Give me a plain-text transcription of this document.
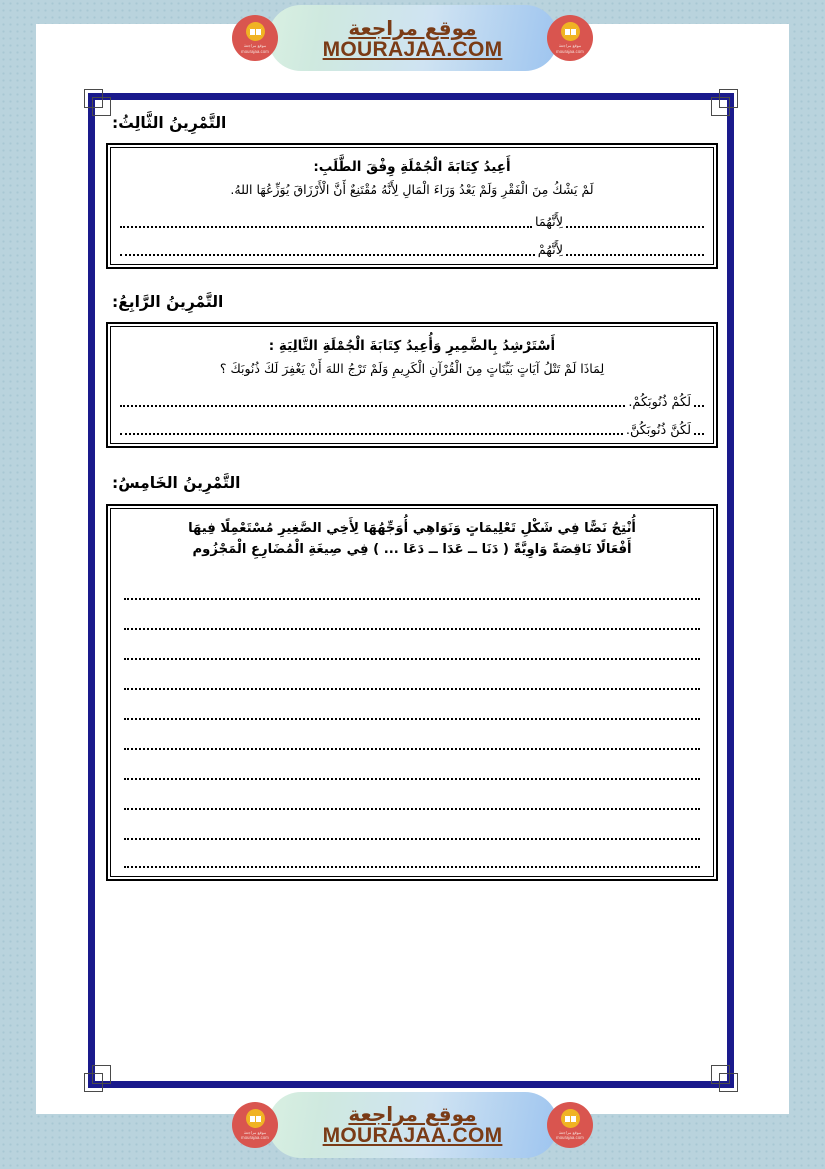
موقع مراجعة
mourajaa.com
موقع مراجعة
MOURAJAA.COM	موقع مراجعة
mourajaa.com
التَّمْرِينُ الثَّالِثُ:

أَعِيدُ كِتَابَةَ الْجُمْلَةِ وِفْقَ الطَّلَبِ:

لَمْ يَشْكُ مِنَ الْفَقْرِ وَلَمْ يَعْدُ وَرَاءَ الْمَالِ لِأَنَّهُ مُقْتَنِعٌ أَنَّ الْأَرْزَاقَ يُوَزِّعُهَا اللهُ.

لِأَنَّهُمَا
لِأَنَّهُمْ
التَّمْرِينُ الرَّابِعُ:

أَسْتَرْشِدُ بِالضَّمِيرِ وَأُعِيدُ كِتَابَةَ الْجُمْلَةِ التَّالِيَةِ :

لِمَاذَا لَمْ تَتْلُ آيَاتٍ بَيِّنَاتٍ مِنَ الْقُرْآنِ الْكَرِيمِ وَلَمْ تَرْجُ اللهَ أَنْ يَغْفِرَ لَكَ ذُنُوبَكَ ؟

لَكُمْ ذُنُوبَكُمْ.
لَكُنَّ ذُنُوبَكُنَّ.
التَّمْرِينُ الخَامِسُ:
أُنْتِجُ نَصًّا فِي شَكْلِ تَعْلِيمَاتٍ وَنَوَاهِي أُوَجِّهُهَا لِأَخِي الصَّغِيرِ مُسْتَعْمِلًا فِيهَا
أَفْعَالًا نَاقِصَةً وَاوِيَّةً ( دَنَا ــ عَدَا ــ دَعَا ... ) فِي صِيغَةِ الْمُضَارِعِ الْمَجْزُوم
موقع مراجعة
mourajaa.com
موقع مراجعة
MOURAJAA.COM	موقع مراجعة
mourajaa.com
